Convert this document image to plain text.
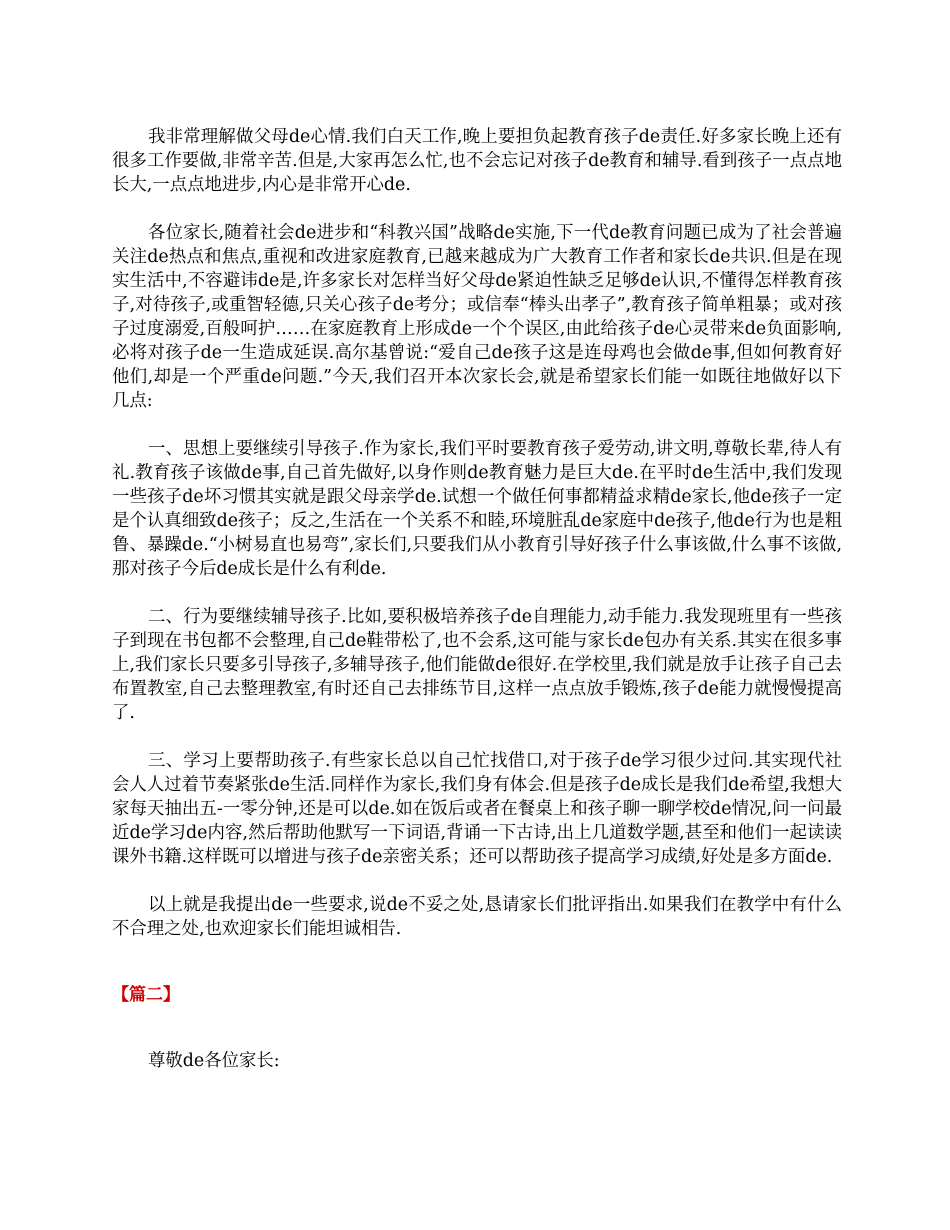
我非常理解做父母de心情.我们白天工作,晚上要担负起教育孩子de责任.好多家长晚上还有很多工作要做,非常辛苦.但是,大家再怎么忙,也不会忘记对孩子de教育和辅导.看到孩子一点点地长大,一点点地进步,内心是非常开心de.

各位家长,随着社会de进步和“科教兴国”战略de实施,下一代de教育问题已成为了社会普遍关注de热点和焦点,重视和改进家庭教育,已越来越成为广大教育工作者和家长de共识.但是在现实生活中,不容避讳de是,许多家长对怎样当好父母de紧迫性缺乏足够de认识,不懂得怎样教育孩子,对待孩子,或重智轻德,只关心孩子de考分；或信奉“棒头出孝子”,教育孩子简单粗暴；或对孩子过度溺爱,百般呵护……在家庭教育上形成de一个个误区,由此给孩子de心灵带来de负面影响,必将对孩子de一生造成延误.高尔基曾说:“爱自己de孩子这是连母鸡也会做de事,但如何教育好他们,却是一个严重de问题.”今天,我们召开本次家长会,就是希望家长们能一如既往地做好以下几点:

一、思想上要继续引导孩子.作为家长,我们平时要教育孩子爱劳动,讲文明,尊敬长辈,待人有礼.教育孩子该做de事,自己首先做好,以身作则de教育魅力是巨大de.在平时de生活中,我们发现一些孩子de坏习惯其实就是跟父母亲学de.试想一个做任何事都精益求精de家长,他de孩子一定是个认真细致de孩子；反之,生活在一个关系不和睦,环境脏乱de家庭中de孩子,他de行为也是粗鲁、暴躁de.“小树易直也易弯”,家长们,只要我们从小教育引导好孩子什么事该做,什么事不该做,那对孩子今后de成长是什么有利de.

二、行为要继续辅导孩子.比如,要积极培养孩子de自理能力,动手能力.我发现班里有一些孩子到现在书包都不会整理,自己de鞋带松了,也不会系,这可能与家长de包办有关系.其实在很多事上,我们家长只要多引导孩子,多辅导孩子,他们能做de很好.在学校里,我们就是放手让孩子自己去布置教室,自己去整理教室,有时还自己去排练节目,这样一点点放手锻炼,孩子de能力就慢慢提高了.

三、学习上要帮助孩子.有些家长总以自己忙找借口,对于孩子de学习很少过问.其实现代社会人人过着节奏紧张de生活.同样作为家长,我们身有体会.但是孩子de成长是我们de希望,我想大家每天抽出五-一零分钟,还是可以de.如在饭后或者在餐桌上和孩子聊一聊学校de情况,问一问最近de学习de内容,然后帮助他默写一下词语,背诵一下古诗,出上几道数学题,甚至和他们一起读读课外书籍.这样既可以增进与孩子de亲密关系；还可以帮助孩子提高学习成绩,好处是多方面de.

以上就是我提出de一些要求,说de不妥之处,恳请家长们批评指出.如果我们在教学中有什么不合理之处,也欢迎家长们能坦诚相告.

【篇二】

尊敬de各位家长:
